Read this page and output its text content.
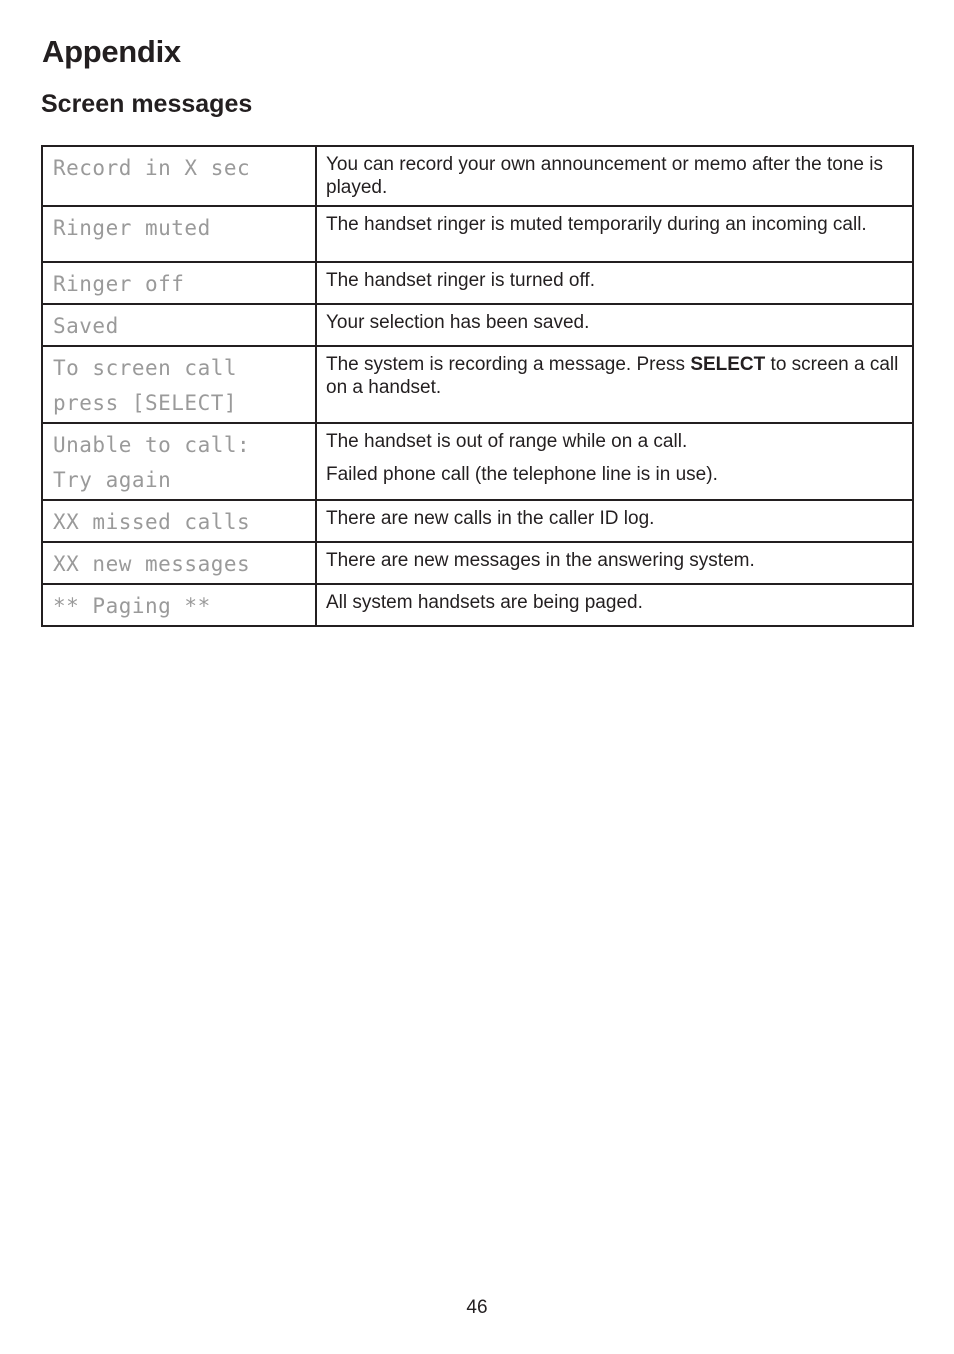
Appendix
Screen messages
Record in X sec	You can record your own announcement or memo after the tone is played.

Ringer muted	The handset ringer is muted temporarily during an incoming call.

Ringer off	The handset ringer is turned off.

Saved	Your selection has been saved.

To screen call
press [SELECT]	The system is recording a message. Press SELECT to screen a call on a handset.

Unable to call:
Try again	The handset is out of range while on a call.
Failed phone call (the telephone line is in use).

XX missed calls	There are new calls in the caller ID log.

XX new messages	There are new messages in the answering system.

** Paging **	All system handsets are being paged.
46
